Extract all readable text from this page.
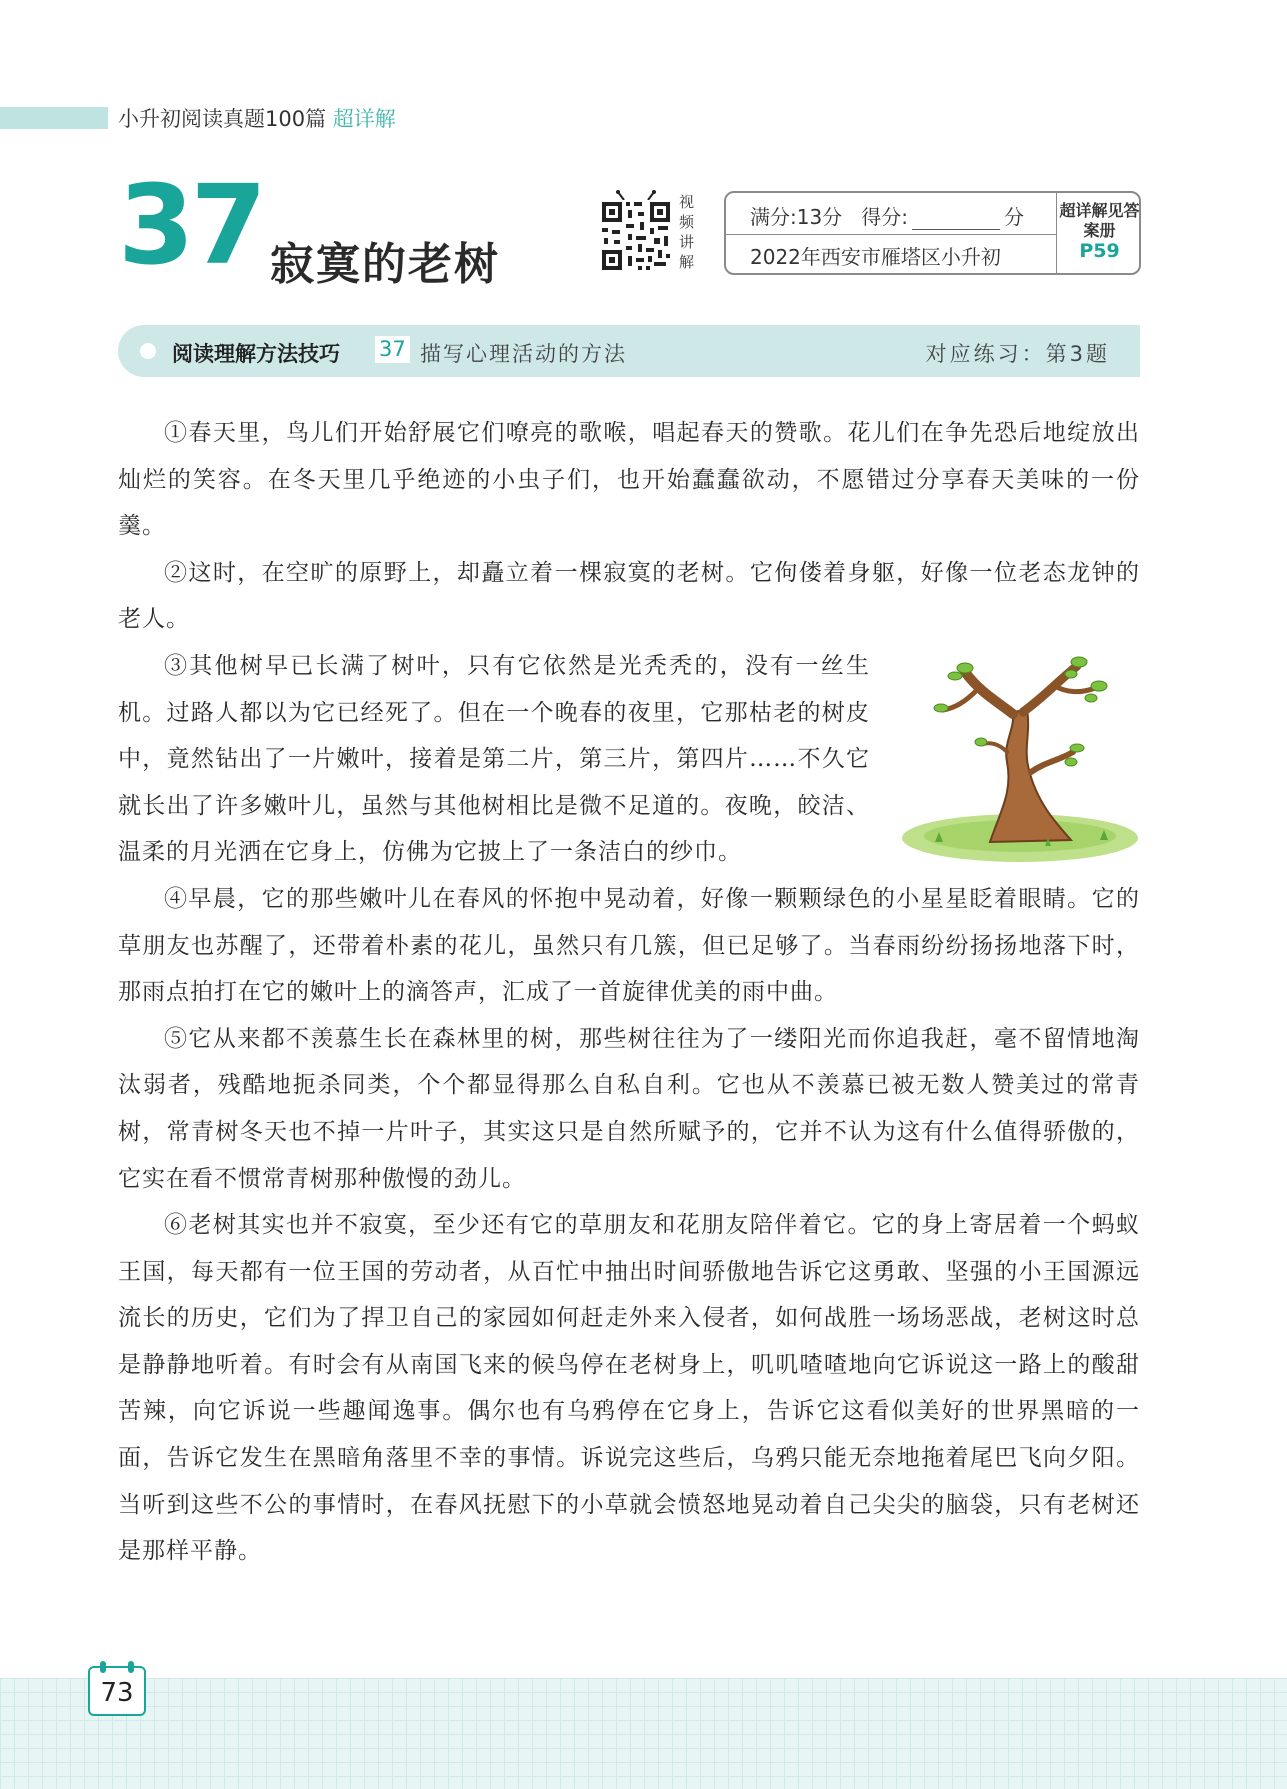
小升初阅读真题100篇 超详解
37 寂寞的老树
视频讲解
满分:13分 得分:	分
2022年西安市雁塔区小升初
超详解见答案册
P59
阅读理解方法技巧 37 描写心理活动的方法	对应练习：第3题

①春天里，鸟儿们开始舒展它们嘹亮的歌喉，唱起春天的赞歌。花儿们在争先恐后地绽放出灿烂的笑容。在冬天里几乎绝迹的小虫子们，也开始蠢蠢欲动，不愿错过分享春天美味的一份羹。

②这时，在空旷的原野上，却矗立着一棵寂寞的老树。它佝偻着身躯，好像一位老态龙钟的老人。

③其他树早已长满了树叶，只有它依然是光秃秃的，没有一丝生机。过路人都以为它已经死了。但在一个晚春的夜里，它那枯老的树皮中，竟然钻出了一片嫩叶，接着是第二片，第三片，第四片……不久它就长出了许多嫩叶儿，虽然与其他树相比是微不足道的。夜晚，皎洁、温柔的月光洒在它身上，仿佛为它披上了一条洁白的纱巾。

④早晨，它的那些嫩叶儿在春风的怀抱中晃动着，好像一颗颗绿色的小星星眨着眼睛。它的草朋友也苏醒了，还带着朴素的花儿，虽然只有几簇，但已足够了。当春雨纷纷扬扬地落下时，那雨点拍打在它的嫩叶上的滴答声，汇成了一首旋律优美的雨中曲。

⑤它从来都不羡慕生长在森林里的树，那些树往往为了一缕阳光而你追我赶，毫不留情地淘汰弱者，残酷地扼杀同类，个个都显得那么自私自利。它也从不羡慕已被无数人赞美过的常青树，常青树冬天也不掉一片叶子，其实这只是自然所赋予的，它并不认为这有什么值得骄傲的，它实在看不惯常青树那种傲慢的劲儿。

⑥老树其实也并不寂寞，至少还有它的草朋友和花朋友陪伴着它。它的身上寄居着一个蚂蚁王国，每天都有一位王国的劳动者，从百忙中抽出时间骄傲地告诉它这勇敢、坚强的小王国源远流长的历史，它们为了捍卫自己的家园如何赶走外来入侵者，如何战胜一场场恶战，老树这时总是静静地听着。有时会有从南国飞来的候鸟停在老树身上，叽叽喳喳地向它诉说这一路上的酸甜苦辣，向它诉说一些趣闻逸事。偶尔也有乌鸦停在它身上，告诉它这看似美好的世界黑暗的一面，告诉它发生在黑暗角落里不幸的事情。诉说完这些后，乌鸦只能无奈地拖着尾巴飞向夕阳。当听到这些不公的事情时，在春风抚慰下的小草就会愤怒地晃动着自己尖尖的脑袋，只有老树还是那样平静。

73
